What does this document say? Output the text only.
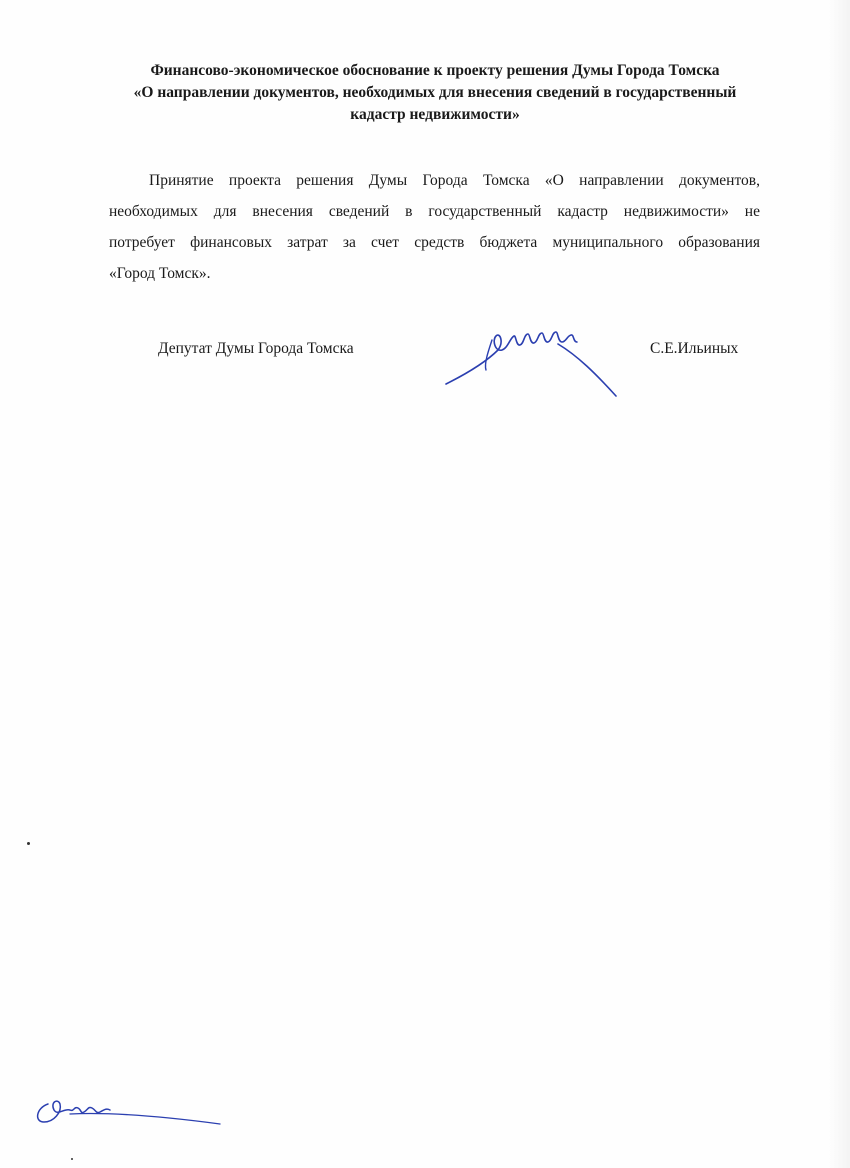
Финансово-экономическое обоснование к проекту решения Думы Города Томска
«О направлении документов, необходимых для внесения сведений в государственный
кадастр недвижимости»
Принятие проекта решения Думы Города Томска «О направлении документов,
необходимых для внесения сведений в государственный кадастр недвижимости» не
потребует финансовых затрат за счет средств бюджета муниципального образования
«Город Томск».
Депутат Думы Города Томска	С.Е.Ильиных
